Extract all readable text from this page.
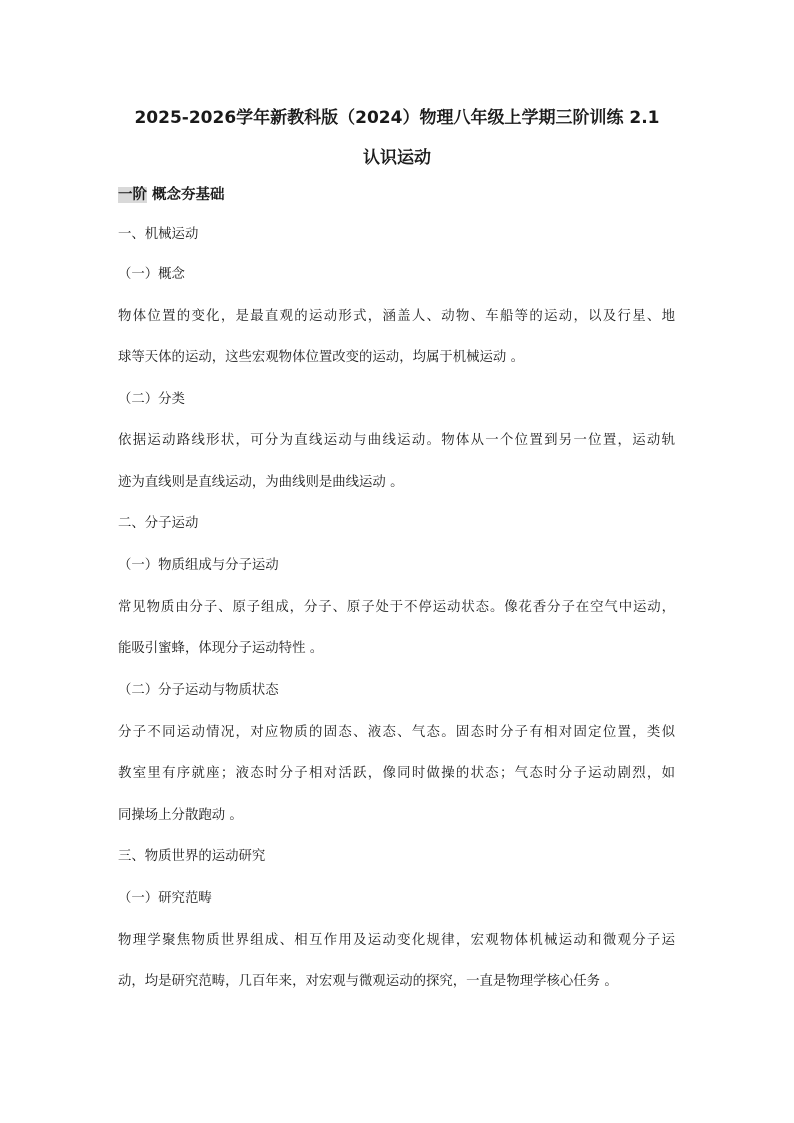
2025-2026学年新教科版（2024）物理八年级上学期三阶训练 2.1
认识运动
一阶 概念夯基础
一、机械运动
（一）概念
物体位置的变化，是最直观的运动形式，涵盖人、动物、车船等的运动，以及行星、地
球等天体的运动，这些宏观物体位置改变的运动，均属于机械运动 。
（二）分类
依据运动路线形状，可分为直线运动与曲线运动。物体从一个位置到另一位置，运动轨
迹为直线则是直线运动，为曲线则是曲线运动 。
二、分子运动
（一）物质组成与分子运动
常见物质由分子、原子组成，分子、原子处于不停运动状态。像花香分子在空气中运动，
能吸引蜜蜂，体现分子运动特性 。
（二）分子运动与物质状态
分子不同运动情况，对应物质的固态、液态、气态。固态时分子有相对固定位置，类似
教室里有序就座；液态时分子相对活跃，像同时做操的状态；气态时分子运动剧烈，如
同操场上分散跑动 。
三、物质世界的运动研究
（一）研究范畴
物理学聚焦物质世界组成、相互作用及运动变化规律，宏观物体机械运动和微观分子运
动，均是研究范畴，几百年来，对宏观与微观运动的探究，一直是物理学核心任务 。
